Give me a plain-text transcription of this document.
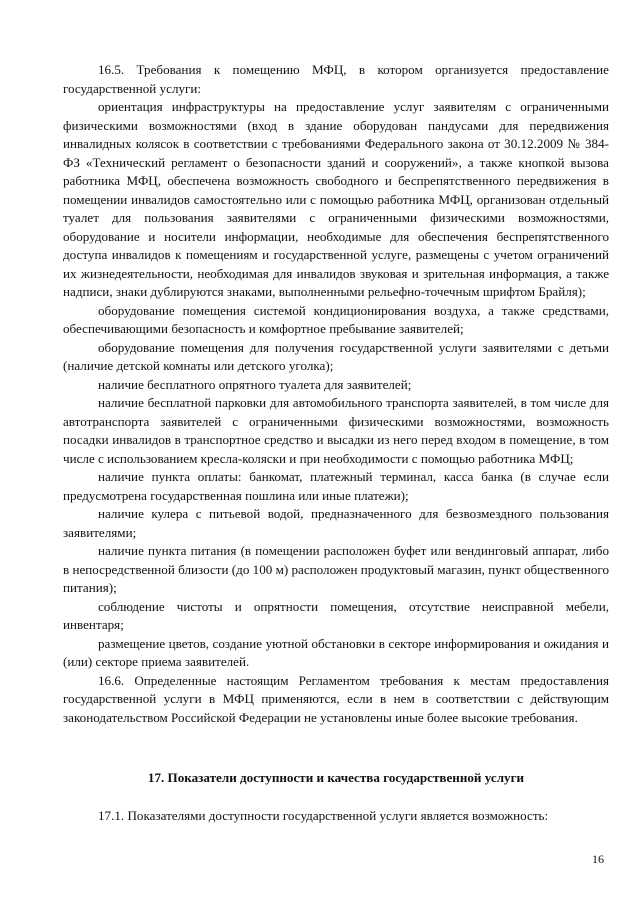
16.5. Требования к помещению МФЦ, в котором организуется предоставление государственной услуги:

ориентация инфраструктуры на предоставление услуг заявителям с ограниченными физическими возможностями (вход в здание оборудован пандусами для передвижения инвалидных колясок в соответствии с требованиями Федерального закона от 30.12.2009 № 384-ФЗ «Технический регламент о безопасности зданий и сооружений», а также кнопкой вызова работника МФЦ, обеспечена возможность свободного и беспрепятственного передвижения в помещении инвалидов самостоятельно или с помощью работника МФЦ, организован отдельный туалет для пользования заявителями с ограниченными физическими возможностями, оборудование и носители информации, необходимые для обеспечения беспрепятственного доступа инвалидов к помещениям и государственной услуге, размещены с учетом ограничений их жизнедеятельности, необходимая для инвалидов звуковая и зрительная информация, а также надписи, знаки дублируются знаками, выполненными рельефно-точечным шрифтом Брайля);

оборудование помещения системой кондиционирования воздуха, а также средствами, обеспечивающими безопасность и комфортное пребывание заявителей;

оборудование помещения для получения государственной услуги заявителями с детьми (наличие детской комнаты или детского уголка);

наличие бесплатного опрятного туалета для заявителей;

наличие бесплатной парковки для автомобильного транспорта заявителей, в том числе для автотранспорта заявителей с ограниченными физическими возможностями, возможность посадки инвалидов в транспортное средство и высадки из него перед входом в помещение, в том числе с использованием кресла-коляски и при необходимости с помощью работника МФЦ;

наличие пункта оплаты: банкомат, платежный терминал, касса банка (в случае если предусмотрена государственная пошлина или иные платежи);

наличие кулера с питьевой водой, предназначенного для безвозмездного пользования заявителями;

наличие пункта питания (в помещении расположен буфет или вендинговый аппарат, либо в непосредственной близости (до 100 м) расположен продуктовый магазин, пункт общественного питания);

соблюдение чистоты и опрятности помещения, отсутствие неисправной мебели, инвентаря;

размещение цветов, создание уютной обстановки в секторе информирования и ожидания и (или) секторе приема заявителей.

16.6. Определенные настоящим Регламентом требования к местам предоставления государственной услуги в МФЦ применяются, если в нем в соответствии с действующим законодательством Российской Федерации не установлены иные более высокие требования.

17. Показатели доступности и качества государственной услуги
17.1. Показателями доступности государственной услуги является возможность:
16
